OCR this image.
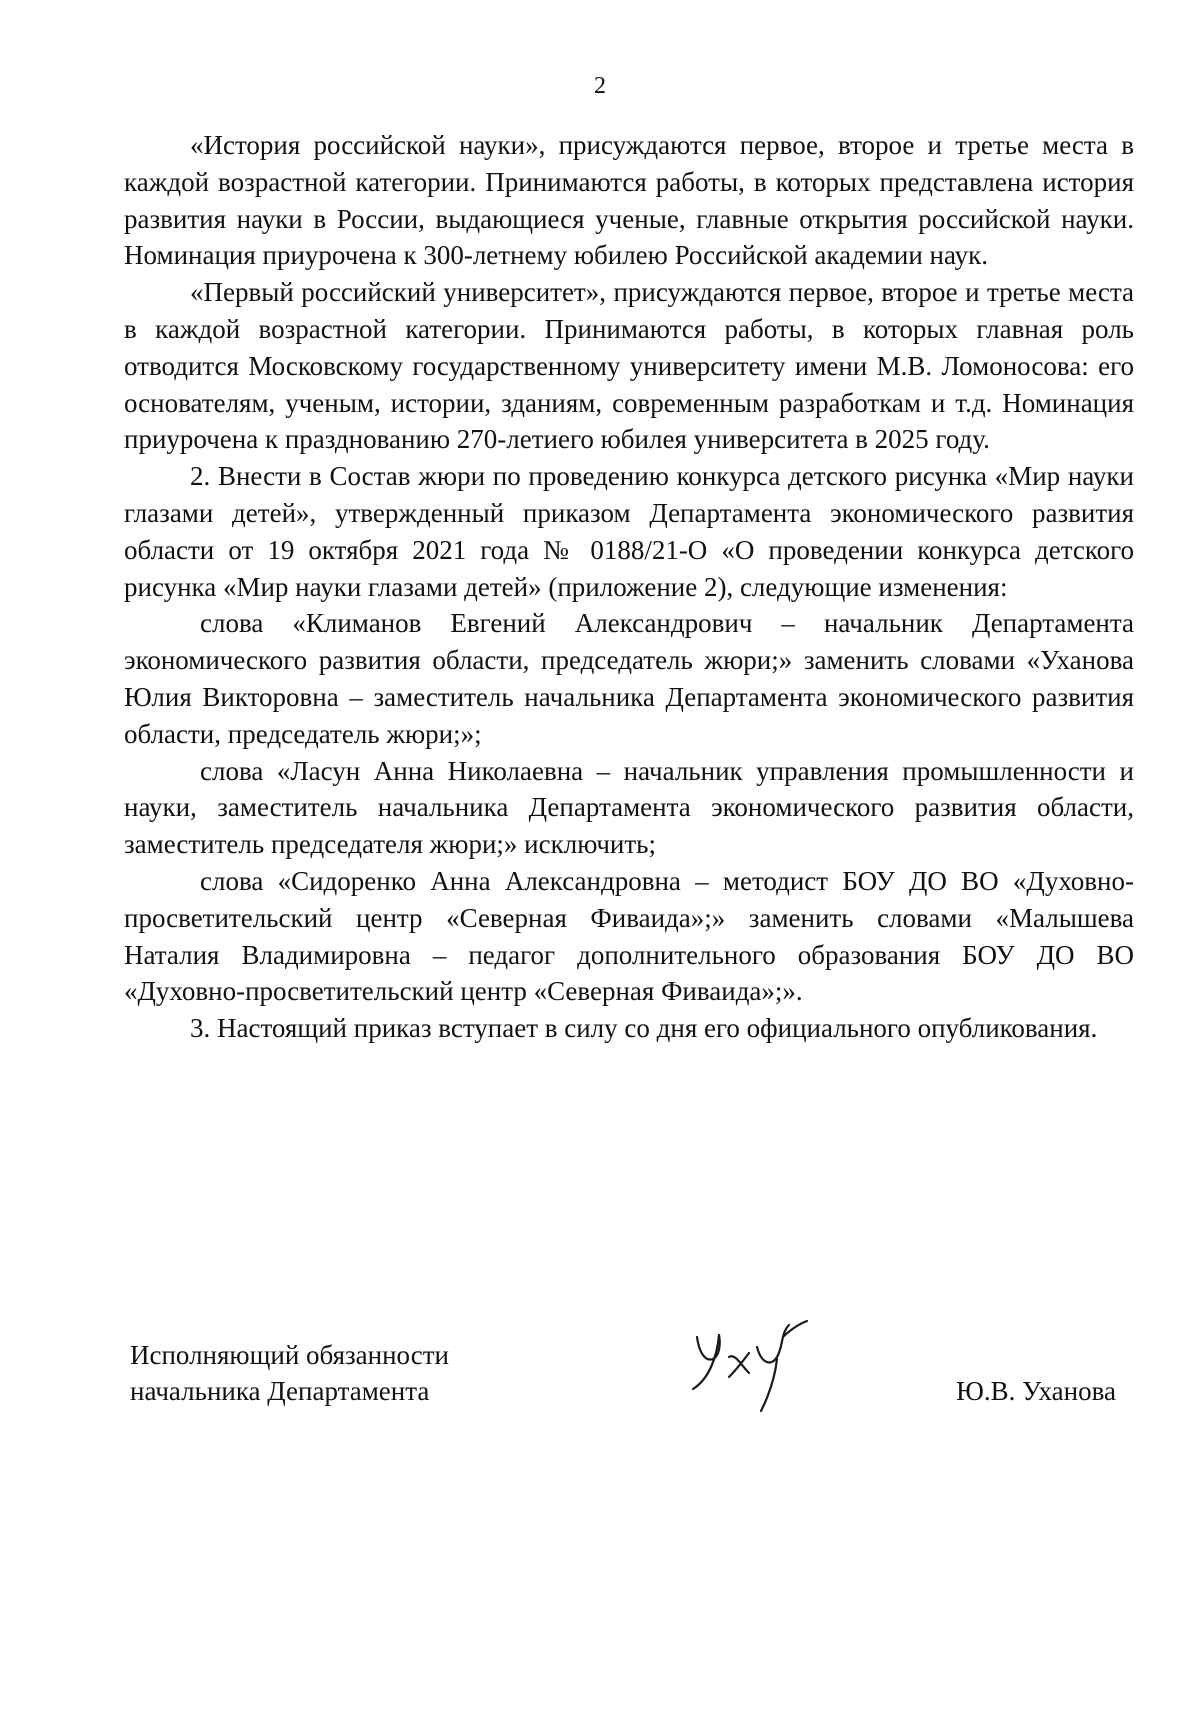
2

«История российской науки», присуждаются первое, второе и третье места в каждой возрастной категории. Принимаются работы, в которых представлена история развития науки в России, выдающиеся ученые, главные открытия российской науки. Номинация приурочена к 300-летнему юбилею Российской академии наук.

«Первый российский университет», присуждаются первое, второе и третье места в каждой возрастной категории. Принимаются работы, в которых главная роль отводится Московскому государственному университету имени М.В. Ломоносова: его основателям, ученым, истории, зданиям, современным разработкам и т.д. Номинация приурочена к празднованию 270-летиего юбилея университета в 2025 году.

2. Внести в Состав жюри по проведению конкурса детского рисунка «Мир науки глазами детей», утвержденный приказом Департамента экономического развития области от 19 октября 2021 года № 0188/21-О «О проведении конкурса детского рисунка «Мир науки глазами детей» (приложение 2), следующие изменения:

слова «Климанов Евгений Александрович – начальник Департамента экономического развития области, председатель жюри;» заменить словами «Уханова Юлия Викторовна – заместитель начальника Департамента экономического развития области, председатель жюри;»;

слова «Ласун Анна Николаевна – начальник управления промышленности и науки, заместитель начальника Департамента экономического развития области, заместитель председателя жюри;» исключить;

слова «Сидоренко Анна Александровна – методист БОУ ДО ВО «Духовно-просветительский центр «Северная Фиваида»;» заменить словами «Малышева Наталия Владимировна – педагог дополнительного образования БОУ ДО ВО «Духовно-просветительский центр «Северная Фиваида»;».

3. Настоящий приказ вступает в силу со дня его официального опубликования.

Исполняющий обязанности
начальника Департамента	Ю.В. Уханова
